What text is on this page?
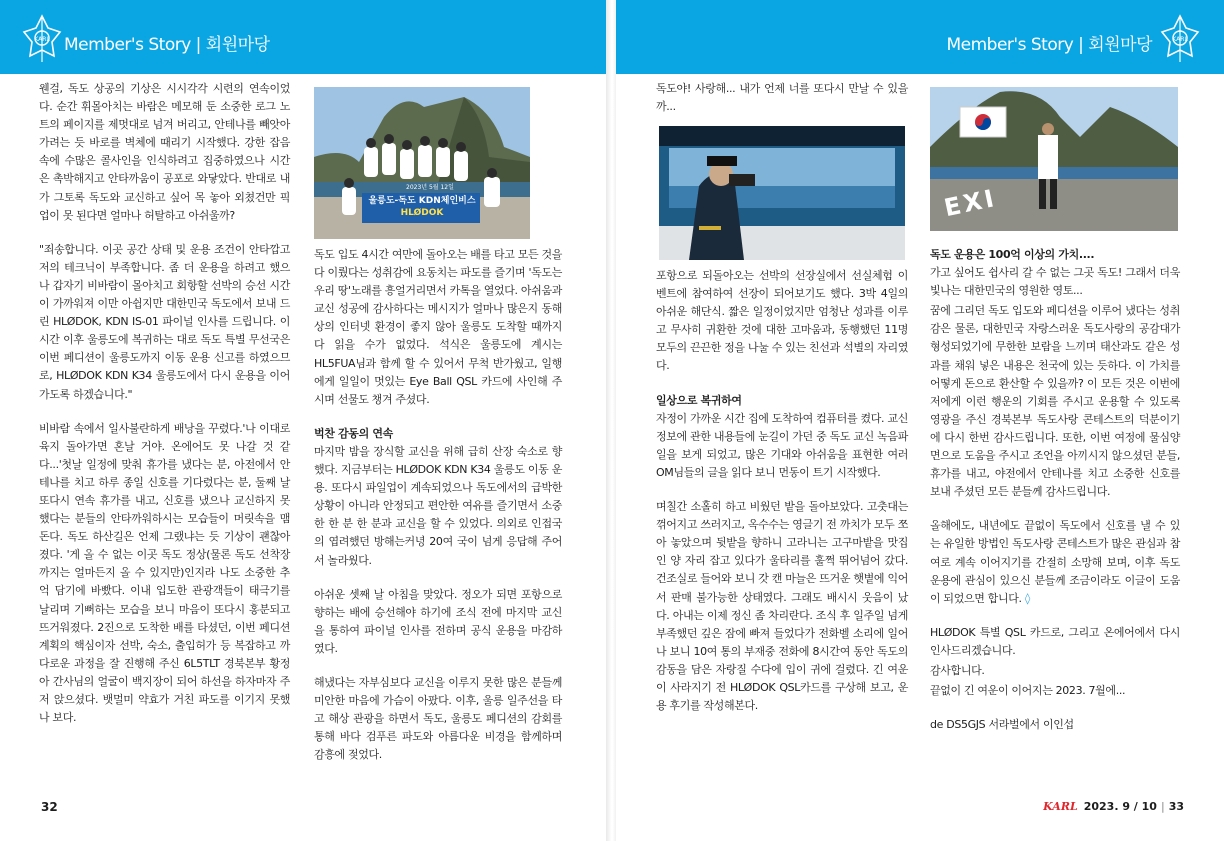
KARL Member's Story | 회원마당

웬걸, 독도 상공의 기상은 시시각각 시련의 연속이었다. 순간 휘몰아치는 바람은 메모해 둔 소중한 로그 노트의 페이지를 제멋대로 넘겨 버리고, 안테나를 빼앗아 가려는 듯 바로를 벽체에 때리기 시작했다. 강한 잡음 속에 수많은 콜사인을 인식하려고 집중하였으나 시간은 촉박해지고 안타까움이 공포로 와닿았다. 반대로 내가 그토록 독도와 교신하고 싶어 목 놓아 외쳤건만 픽업이 못 된다면 얼마나 허탈하고 아쉬울까?

"죄송합니다. 이곳 공간 상태 및 운용 조건이 안타깝고 저의 테크닉이 부족합니다. 좀 더 운용을 하려고 했으나 갑자기 비바람이 몰아치고 회항할 선박의 승선 시간이 가까워져 이만 아쉽지만 대한민국 독도에서 보내 드린 HLØDOK, KDN IS-01 파이널 인사를 드립니다. 이 시간 이후 울릉도에 복귀하는 대로 독도 특별 무선국은 이번 페디션이 울릉도까지 이동 운용 신고를 하였으므로, HLØDOK KDN K34 울릉도에서 다시 운용을 이어 가도록 하겠습니다."

비바람 속에서 일사불란하게 배낭을 꾸렸다.'나 이대로 육지 돌아가면 혼날 거야. 온에어도 못 나갈 것 같다...'첫날 일정에 맞춰 휴가를 냈다는 분, 아전에서 안테나를 치고 하루 종일 신호를 기다렸다는 분, 둘째 날 또다시 연속 휴가를 내고, 신호를 냈으나 교신하지 못했다는 분들의 안타까워하시는 모습들이 머릿속을 맴돈다. 독도 하산길은 언제 그랬냐는 듯 기상이 괜찮아졌다. '게 올 수 없는 이곳 독도 정상(물론 독도 선착장까지는 얼마든지 올 수 있지만)인지라 나도 소중한 추억 담기에 바빴다. 이내 입도한 관광객들이 태극기를 날리며 기뻐하는 모습을 보니 마음이 또다시 홍분되고 뜨거워졌다. 2진으로 도착한 배를 타셨던, 이번 페디션 계획의 핵심이자 선박, 숙소, 출입허가 등 복잡하고 까다로운 과정을 잘 진행해 주신 6L5TLT 경북본부 황정아 간사님의 얼굴이 백지장이 되어 하선을 하자마자 주저 앉으셨다. 뱃멀미 약효가 거친 파도를 이기지 못했나 보다.

울릉도-독도 KDN체인비스
HLØDOK
2023년 5월 12일

독도 입도 4시간 여만에 돌아오는 배를 타고 모든 것을 다 이뤘다는 성취감에 요동치는 파도를 즐기며 '독도는 우리 땅'노래를 흥얼거리면서 카톡을 열었다. 아쉬움과 교신 성공에 감사하다는 메시지가 얼마나 많은지 동해상의 인터넷 환경이 좋지 않아 울릉도 도착할 때까지 다 읽을 수가 없었다. 석식은 울릉도에 계시는 HL5FUA님과 함께 할 수 있어서 무척 반가웠고, 일행에게 일일이 멋있는 Eye Ball QSL 카드에 사인해 주시며 선물도 챙겨 주셨다.

벅찬 감동의 연속

마지막 밤을 장식할 교신을 위해 급히 산장 숙소로 향했다. 지금부터는 HLØDOK KDN K34 울릉도 이동 운용. 또다시 파일업이 계속되었으나 독도에서의 급박한 상황이 아니라 안정되고 편안한 여유를 즐기면서 소중한 한 분 한 분과 교신을 할 수 있었다. 의외로 인접국의 엽려했던 방해는커녕 20여 국이 넘게 응답해 주어서 놀라웠다.

아쉬운 셋째 날 아침을 맞았다. 정오가 되면 포항으로 향하는 배에 승선해야 하기에 조식 전에 마지막 교신을 통하여 파이널 인사를 전하며 공식 운용을 마감하였다.

해냈다는 자부심보다 교신을 이루지 못한 많은 분들께 미안한 마음에 가슴이 아팠다. 이후, 울릉 일주선을 타고 해상 관광을 하면서 독도, 울릉도 페디션의 감회를 통해 바다 검푸른 파도와 아름다운 비경을 함께하며 감흥에 젖었다.

32
Member's Story | 회원마당	KARL

독도야! 사랑해... 내가 언제 너를 또다시 만날 수 있을까...

포항으로 되돌아오는 선박의 선장실에서 선실체험 이벤트에 참여하여 선장이 되어보기도 했다. 3박 4일의 아쉬운 해단식. 짧은 일정이었지만 엄청난 성과를 이루고 무사히 귀환한 것에 대한 고마움과, 동행했던 11명 모두의 끈끈한 정을 나눌 수 있는 친선과 석별의 자리였다.

일상으로 복귀하여

자정이 가까운 시간 집에 도착하여 컴퓨터를 켰다. 교신 정보에 관한 내용들에 눈길이 가던 중 독도 교신 녹음파일을 보게 되었고, 많은 기대와 아쉬움을 표현한 여러 OM님들의 글을 읽다 보니 먼동이 트기 시작했다.

며칠간 소홀히 하고 비웠던 밭을 돌아보았다. 고춧대는 꺾어지고 쓰러지고, 옥수수는 영글기 전 까치가 모두 쪼아 놓았으며 뒷밭을 향하니 고라니는 고구마밭을 맛집인 양 자리 잡고 있다가 울타리를 훌쩍 뛰어넘어 갔다. 건조실로 들어와 보니 갓 캔 마늘은 뜨거운 햇볕에 익어서 판매 불가능한 상태였다. 그래도 배시시 웃음이 났다. 아내는 이제 정신 좀 차리란다. 조식 후 일주일 넘게 부족했던 깊은 잠에 빠져 들었다가 전화벨 소리에 일어나 보니 10여 통의 부재중 전화에 8시간여 동안 독도의 감동을 담은 자랑질 수다에 입이 귀에 걸렸다. 긴 여운이 사라지기 전 HLØDOK QSL카드를 구상해 보고, 운용 후기를 작성해본다.

EXI
독도 운용은 100억 이상의 가치....

가고 싶어도 쉽사리 갈 수 없는 그곳 독도! 그래서 더욱 빛나는 대한민국의 영원한 영토...

꿈에 그리던 독도 입도와 페디션을 이루어 냈다는 성취감은 물론, 대한민국 자랑스러운 독도사랑의 공감대가 형성되었기에 무한한 보람을 느끼며 태산과도 같은 성과를 채워 넣은 내용은 천국에 있는 듯하다. 이 가치를 어떻게 돈으로 환산할 수 있을까? 이 모든 것은 이번에 저에게 이런 행운의 기회를 주시고 운용할 수 있도록 영광을 주신 경북본부 독도사랑 콘테스트의 덕분이기에 다시 한번 감사드립니다. 또한, 이번 여정에 물심양면으로 도움을 주시고 조언을 아끼시지 않으셨던 분들, 휴가를 내고, 야전에서 안테나를 치고 소중한 신호를 보내 주셨던 모든 분들께 감사드립니다.

올해에도, 내년에도 끝없이 독도에서 신호를 낼 수 있는 유일한 방법인 독도사랑 콘테스트가 많은 관심과 참여로 계속 이어지기를 간절히 소망해 보며, 이후 독도운용에 관심이 있으신 분들께 조금이라도 이글이 도움이 되었으면 합니다. ◊

HLØDOK 특별 QSL 카드로, 그리고 온에어에서 다시 인사드리겠습니다.

감사합니다.

끝없이 긴 여운이 이어지는 2023. 7월에...

de DS5GJS 서라벌에서 이인섭

KARL 2023. 9 / 10 | 33
